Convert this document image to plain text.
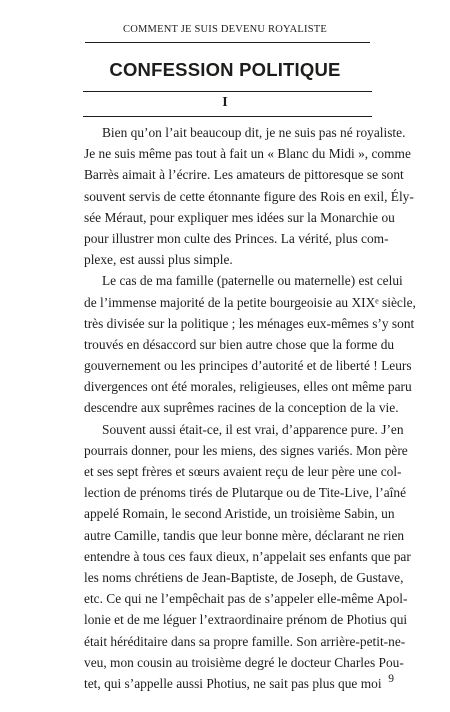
COMMENT JE SUIS DEVENU ROYALISTE
CONFESSION POLITIQUE
I
Bien qu’on l’ait beaucoup dit, je ne suis pas né royaliste.
Je ne suis même pas tout à fait un « Blanc du Midi », comme
Barrès aimait à l’écrire. Les amateurs de pittoresque se sont
souvent servis de cette étonnante figure des Rois en exil, Ély-
sée Méraut, pour expliquer mes idées sur la Monarchie ou
pour illustrer mon culte des Princes. La vérité, plus com-
plexe, est aussi plus simple.
Le cas de ma famille (paternelle ou maternelle) est celui
de l’immense majorité de la petite bourgeoisie au XIXᵉ siècle,
très divisée sur la politique ; les ménages eux-mêmes s’y sont
trouvés en désaccord sur bien autre chose que la forme du
gouvernement ou les principes d’autorité et de liberté ! Leurs
divergences ont été morales, religieuses, elles ont même paru
descendre aux suprêmes racines de la conception de la vie.
Souvent aussi était-ce, il est vrai, d’apparence pure. J’en
pourrais donner, pour les miens, des signes variés. Mon père
et ses sept frères et sœurs avaient reçu de leur père une col-
lection de prénoms tirés de Plutarque ou de Tite-Live, l’aîné
appelé Romain, le second Aristide, un troisième Sabin, un
autre Camille, tandis que leur bonne mère, déclarant ne rien
entendre à tous ces faux dieux, n’appelait ses enfants que par
les noms chrétiens de Jean-Baptiste, de Joseph, de Gustave,
etc. Ce qui ne l’empêchait pas de s’appeler elle-même Apol-
lonie et de me léguer l’extraordinaire prénom de Photius qui
était héréditaire dans sa propre famille. Son arrière-petit-ne-
veu, mon cousin au troisième degré le docteur Charles Pou-
tet, qui s’appelle aussi Photius, ne sait pas plus que moi 9
